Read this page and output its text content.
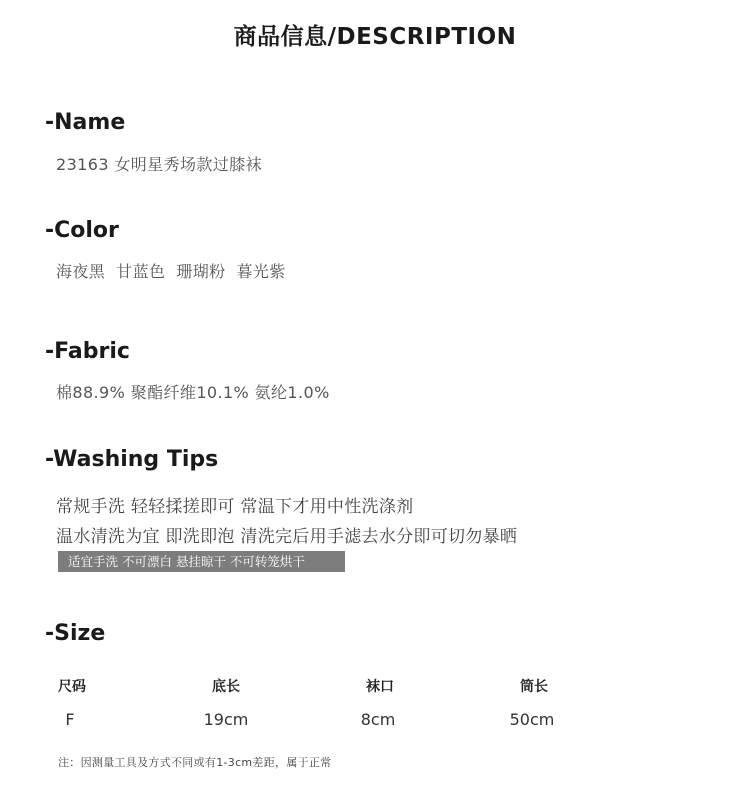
商品信息/DESCRIPTION
-Name
23163 女明星秀场款过膝袜
-Color
海夜黑  甘蓝色  珊瑚粉  暮光紫
-Fabric
棉88.9% 聚酯纤维10.1% 氨纶1.0%
-Washing Tips
常规手洗 轻轻揉搓即可 常温下才用中性洗涤剂
温水清洗为宜 即洗即泡 清洗完后用手滤去水分即可切勿暴晒
适宜手洗 不可漂白 悬挂晾干 不可转笼烘干
-Size
尺码	底长	袜口	筒长
F	19cm	8cm	50cm
注：因测量工具及方式不同或有1-3cm差距，属于正常
